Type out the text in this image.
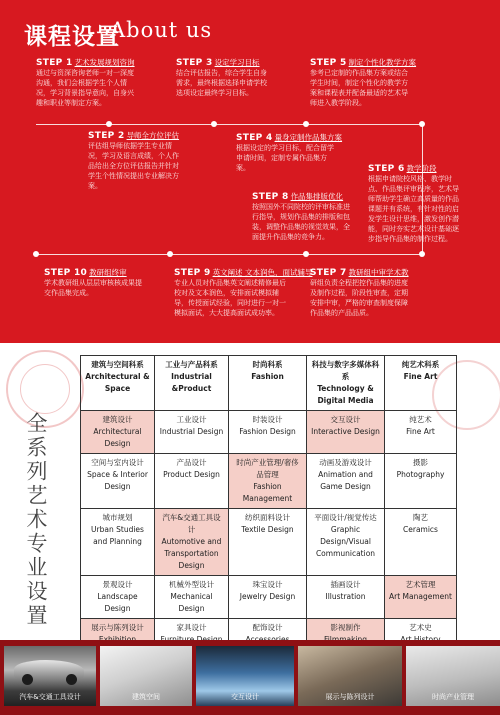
课程设置
About us
STEP 1 艺术发展规划咨询
通过与资深咨询老师一对一深度沟通，我们会根据学生个人情况，学习背景指导意向，自身兴趣和职业等制定方案。
STEP 3 设定学习目标
结合评估报告，综合学生自身需求，最终根据选择申请学校选项设定最终学习目标。
STEP 5 制定个性化教学方案
参考已定制的作品集方案或结合学生时间，制定个性化的教学方案和课程表并配备最适的艺术导师进入教学阶段。
STEP 2 导师全方位评估
评估组导师依据学生专业情况，学习及语言成绩，个人作品给出全方位评估报告并针对学生个性情况提出专业解决方案。
STEP 4 量身定制作品集方案
根据设定的学习目标，配合留学申请时间，定制专属作品集方案。	STEP 6 教学阶段
根据申请院校风格、教学时点、作品集评审程序，艺术导师帮助学生确立高质量的作品课题并有系统，有针对性的启发学生设计思维，激发创作潜能，同时夯实艺术设计基础逐步指导作品集的制作过程。
STEP 8 作品集排版优化
按照国外不同院校的评审标准进行指导，规划作品集的排版和包装，调整作品集的视觉效果，全面提升作品集的竞争力。
STEP 10 教研组终审
学术教研组从层层审核核成果提交作品集完成。
STEP 9 英文阐述 文本润色，面试辅导
专业人员对作品集英文阐述精修最后校对及文本润色，安排面试模拟辅导，传授面试经验，同时进行一对一模拟面试，大大提高面试成功率。
STEP 7 教研组中审学术教
研组负责全程把控作品集的进度及制作过程，阶段性审查，定期安排中审，严格的审查制度保障作品集的产品品质。
全系列艺术专业设置
建筑与空间科系
Architectural & Space	工业与产品科系
Industrial &Product	时尚科系
Fashion	科技与数字多媒体科系
Technology & Digital Media	纯艺术科系
Fine Art

建筑设计
Architectural Design	工业设计
Industrial Design	时装设计
Fashion Design	交互设计
Interactive Design	纯艺术
Fine Art

空间与室内设计
Space & Interior Design	产品设计
Product Design	时尚产业管理/奢侈品管理
Fashion Management	动画及游戏设计
Animation and Game Design	摄影
Photography

城市规划
Urban Studies and Planning	汽车&交通工具设计
Automotive and Transportation Design	纺织面料设计
Textile Design	平面设计/视觉传达
Graphic Design/Visual Communication	陶艺
Ceramics

景观设计
Landscape Design	机械外型设计
Mechanical Design	珠宝设计
Jewelry Design	插画设计
Illustration	艺术管理
Art Management

展示与陈列设计	家具设计	配饰设计	影视制作	艺术史
汽车&交通工具设计	建筑空间	交互设计	展示与陈列设计	时尚产业管理
